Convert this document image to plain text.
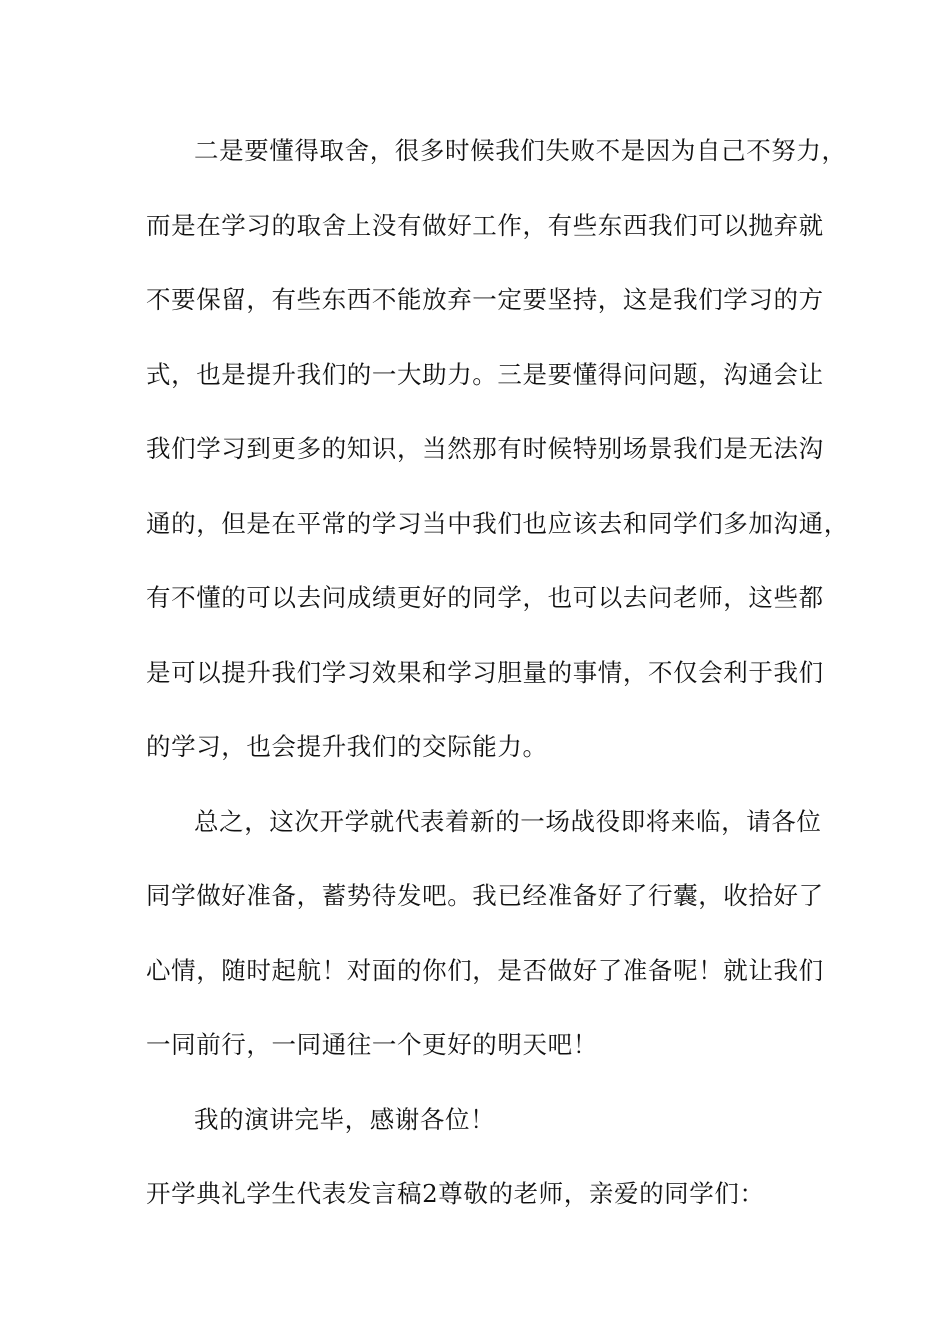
二是要懂得取舍，很多时候我们失败不是因为自己不努力，
而是在学习的取舍上没有做好工作，有些东西我们可以抛弃就
不要保留，有些东西不能放弃一定要坚持，这是我们学习的方
式，也是提升我们的一大助力。三是要懂得问问题，沟通会让
我们学习到更多的知识，当然那有时候特别场景我们是无法沟
通的，但是在平常的学习当中我们也应该去和同学们多加沟通，
有不懂的可以去问成绩更好的同学，也可以去问老师，这些都
是可以提升我们学习效果和学习胆量的事情，不仅会利于我们
的学习，也会提升我们的交际能力。
总之，这次开学就代表着新的一场战役即将来临，请各位
同学做好准备，蓄势待发吧。我已经准备好了行囊，收拾好了
心情，随时起航！对面的你们，是否做好了准备呢！就让我们
一同前行，一同通往一个更好的明天吧！
我的演讲完毕，感谢各位！
开学典礼学生代表发言稿2尊敬的老师，亲爱的同学们：
